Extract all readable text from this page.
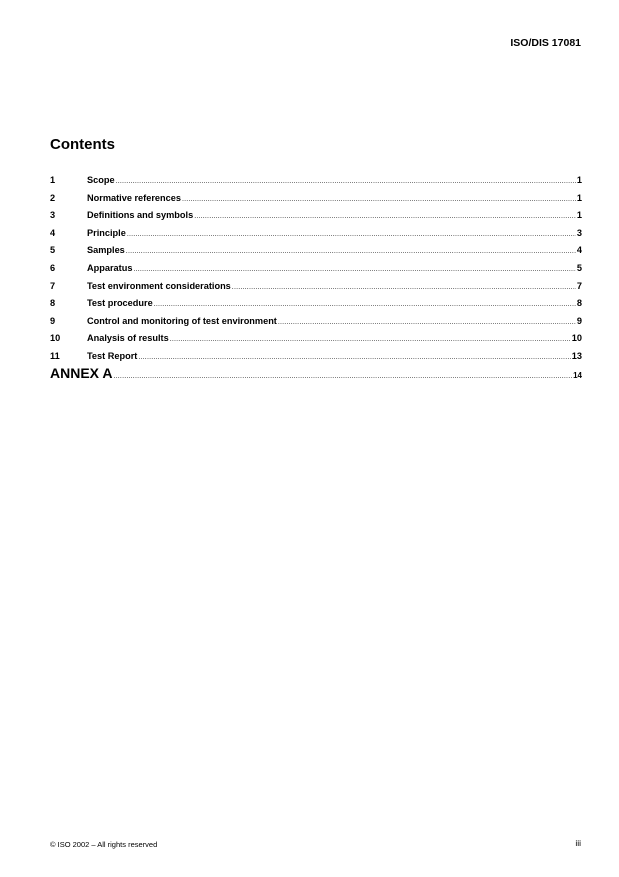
ISO/DIS 17081
Contents
1	Scope .....	1
2	Normative references .....	1
3	Definitions and symbols .....	1
4	Principle .....	3
5	Samples .....	4
6	Apparatus .....	5
7	Test environment considerations .....	7
8	Test procedure .....	8
9	Control and monitoring of test environment .....	9
10	Analysis of results .....	10
11	Test Report .....	13
ANNEX A .....	14
© ISO 2002 – All rights reserved	iii
